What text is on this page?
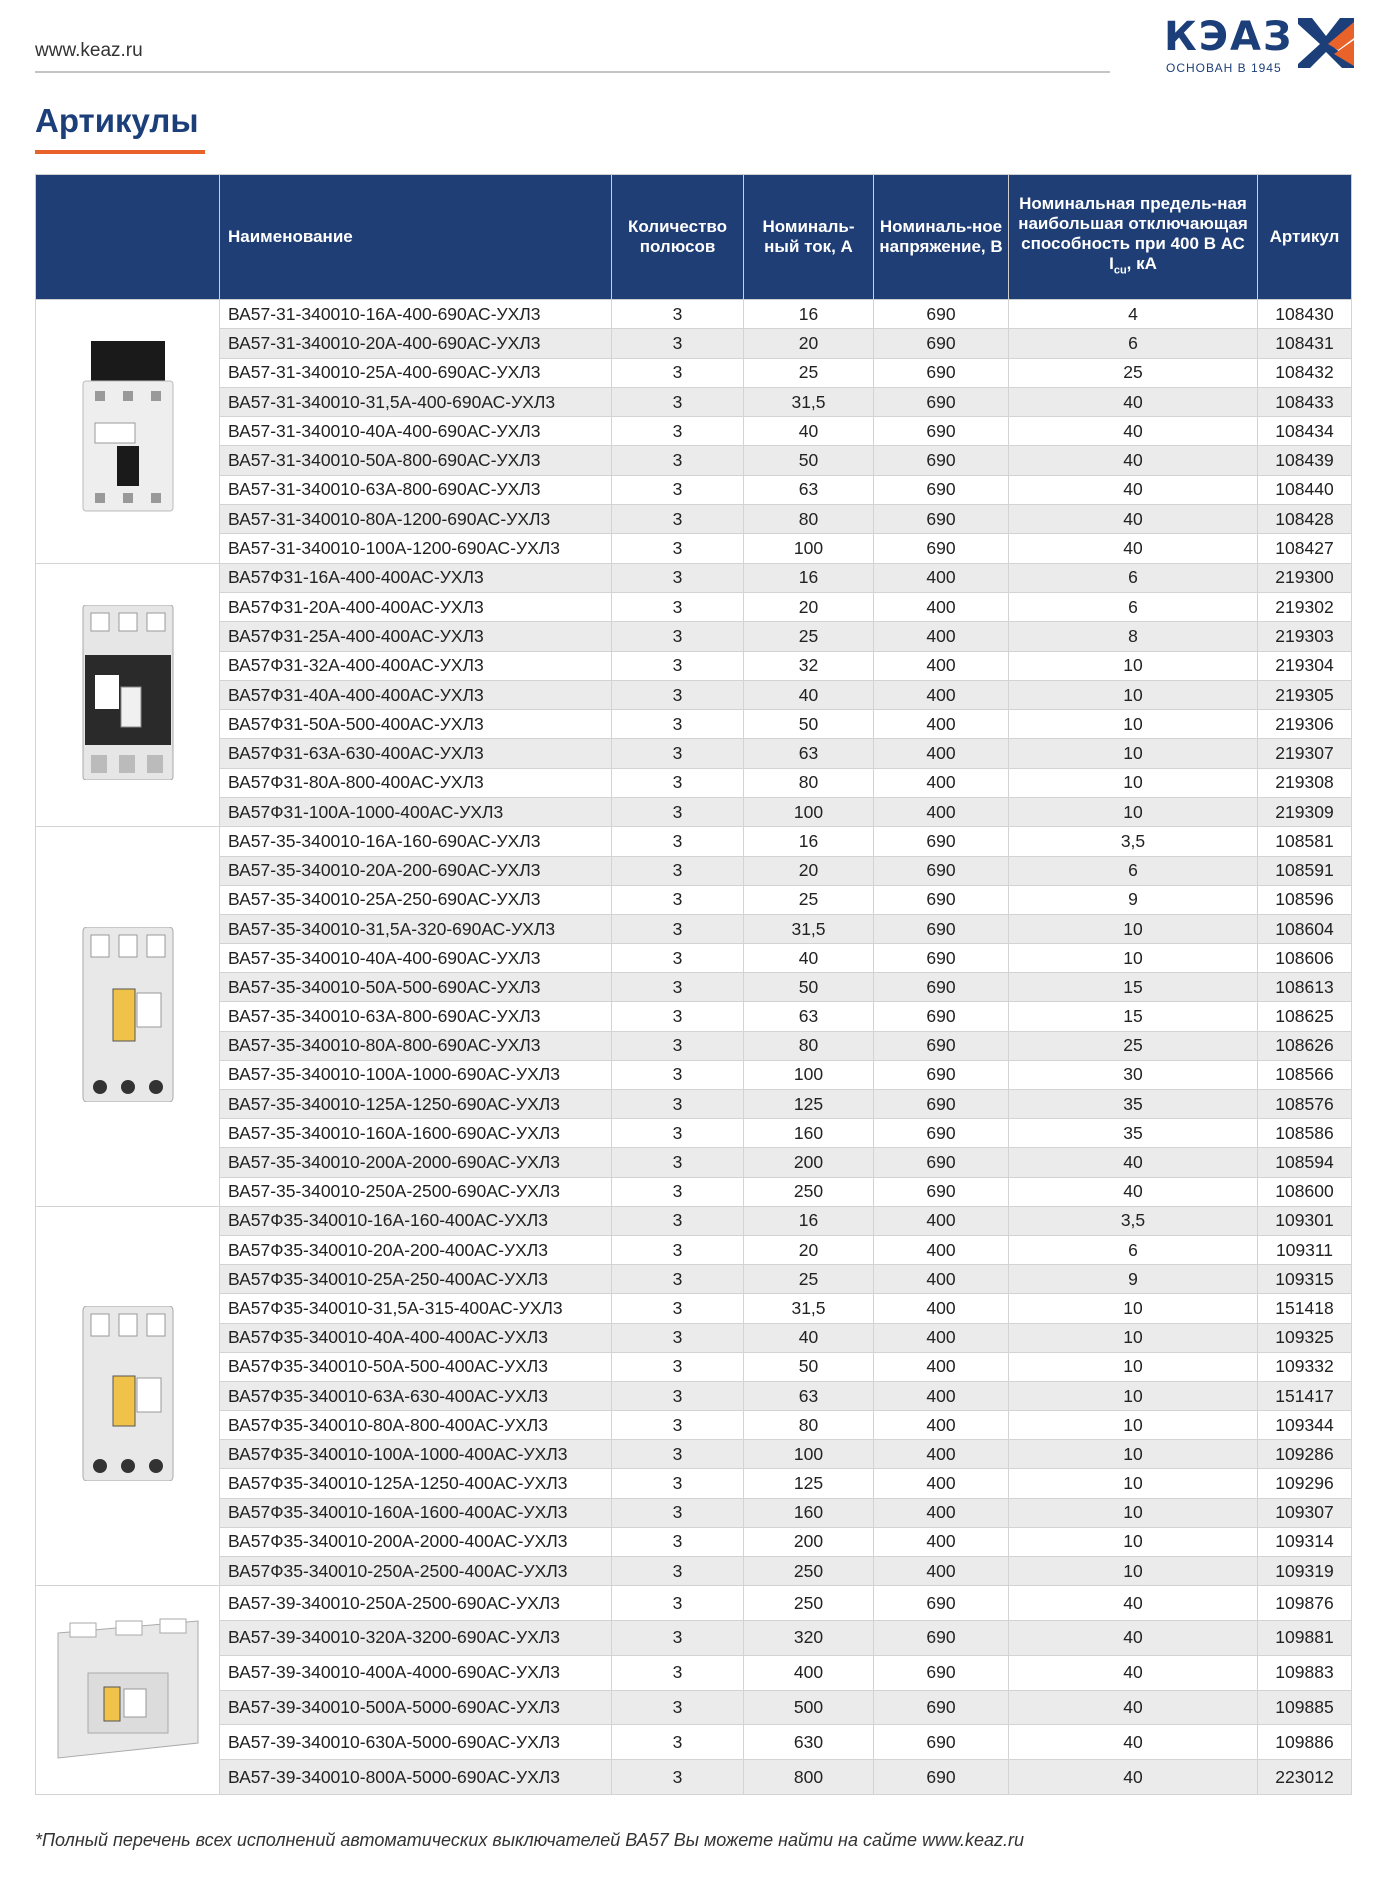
www.keaz.ru	КЭАЗ
ОСНОВАН В 1945
Артикулы
	Наименование	Количество полюсов	Номиналь-ный ток, А	Номиналь-ное напряжение, В	Номинальная предель-ная наибольшая отключающая способность при 400 В АС $I_{cu}$, кА	Артикул
	ВА57-31-340010-16А-400-690АС-УХЛ3	3	16	690	4	108430
	ВА57-31-340010-20А-400-690АС-УХЛ3	3	20	690	6	108431
	ВА57-31-340010-25А-400-690АС-УХЛ3	3	25	690	25	108432
	ВА57-31-340010-31,5А-400-690АС-УХЛ3	3	31,5	690	40	108433
	ВА57-31-340010-40А-400-690АС-УХЛ3	3	40	690	40	108434
	ВА57-31-340010-50А-800-690АС-УХЛ3	3	50	690	40	108439
	ВА57-31-340010-63А-800-690АС-УХЛ3	3	63	690	40	108440
	ВА57-31-340010-80А-1200-690АС-УХЛ3	3	80	690	40	108428
	ВА57-31-340010-100А-1200-690АС-УХЛ3	3	100	690	40	108427
	ВА57Ф31-16А-400-400АС-УХЛ3	3	16	400	6	219300
	ВА57Ф31-20А-400-400АС-УХЛ3	3	20	400	6	219302
	ВА57Ф31-25А-400-400АС-УХЛ3	3	25	400	8	219303
	ВА57Ф31-32А-400-400АС-УХЛ3	3	32	400	10	219304
	ВА57Ф31-40А-400-400АС-УХЛ3	3	40	400	10	219305
	ВА57Ф31-50А-500-400АС-УХЛ3	3	50	400	10	219306
	ВА57Ф31-63А-630-400АС-УХЛ3	3	63	400	10	219307
	ВА57Ф31-80А-800-400АС-УХЛ3	3	80	400	10	219308
	ВА57Ф31-100А-1000-400АС-УХЛ3	3	100	400	10	219309
	ВА57-35-340010-16А-160-690АС-УХЛ3	3	16	690	3,5	108581
	ВА57-35-340010-20А-200-690АС-УХЛ3	3	20	690	6	108591
	ВА57-35-340010-25А-250-690АС-УХЛ3	3	25	690	9	108596
	ВА57-35-340010-31,5А-320-690АС-УХЛ3	3	31,5	690	10	108604
	ВА57-35-340010-40А-400-690АС-УХЛ3	3	40	690	10	108606
	ВА57-35-340010-50А-500-690АС-УХЛ3	3	50	690	15	108613
	ВА57-35-340010-63А-800-690АС-УХЛ3	3	63	690	15	108625
	ВА57-35-340010-80А-800-690АС-УХЛ3	3	80	690	25	108626
	ВА57-35-340010-100А-1000-690АС-УХЛ3	3	100	690	30	108566
	ВА57-35-340010-125А-1250-690АС-УХЛ3	3	125	690	35	108576
	ВА57-35-340010-160А-1600-690АС-УХЛ3	3	160	690	35	108586
	ВА57-35-340010-200А-2000-690АС-УХЛ3	3	200	690	40	108594
	ВА57-35-340010-250А-2500-690АС-УХЛ3	3	250	690	40	108600
	ВА57Ф35-340010-16А-160-400АС-УХЛ3	3	16	400	3,5	109301
	ВА57Ф35-340010-20А-200-400АС-УХЛ3	3	20	400	6	109311
	ВА57Ф35-340010-25А-250-400АС-УХЛ3	3	25	400	9	109315
	ВА57Ф35-340010-31,5А-315-400АС-УХЛ3	3	31,5	400	10	151418
	ВА57Ф35-340010-40А-400-400АС-УХЛ3	3	40	400	10	109325
	ВА57Ф35-340010-50А-500-400АС-УХЛ3	3	50	400	10	109332
	ВА57Ф35-340010-63А-630-400АС-УХЛ3	3	63	400	10	151417
	ВА57Ф35-340010-80А-800-400АС-УХЛ3	3	80	400	10	109344
	ВА57Ф35-340010-100А-1000-400АС-УХЛ3	3	100	400	10	109286
	ВА57Ф35-340010-125А-1250-400АС-УХЛ3	3	125	400	10	109296
	ВА57Ф35-340010-160А-1600-400АС-УХЛ3	3	160	400	10	109307
	ВА57Ф35-340010-200А-2000-400АС-УХЛ3	3	200	400	10	109314
	ВА57Ф35-340010-250А-2500-400АС-УХЛ3	3	250	400	10	109319
	ВА57-39-340010-250А-2500-690АС-УХЛ3	3	250	690	40	109876
	ВА57-39-340010-320А-3200-690АС-УХЛ3	3	320	690	40	109881
	ВА57-39-340010-400А-4000-690АС-УХЛ3	3	400	690	40	109883
	ВА57-39-340010-500А-5000-690АС-УХЛ3	3	500	690	40	109885
	ВА57-39-340010-630А-5000-690АС-УХЛ3	3	630	690	40	109886
	ВА57-39-340010-800А-5000-690АС-УХЛ3	3	800	690	40	223012
*Полный перечень всех исполнений автоматических выключателей ВА57 Вы можете найти на сайте www.keaz.ru
